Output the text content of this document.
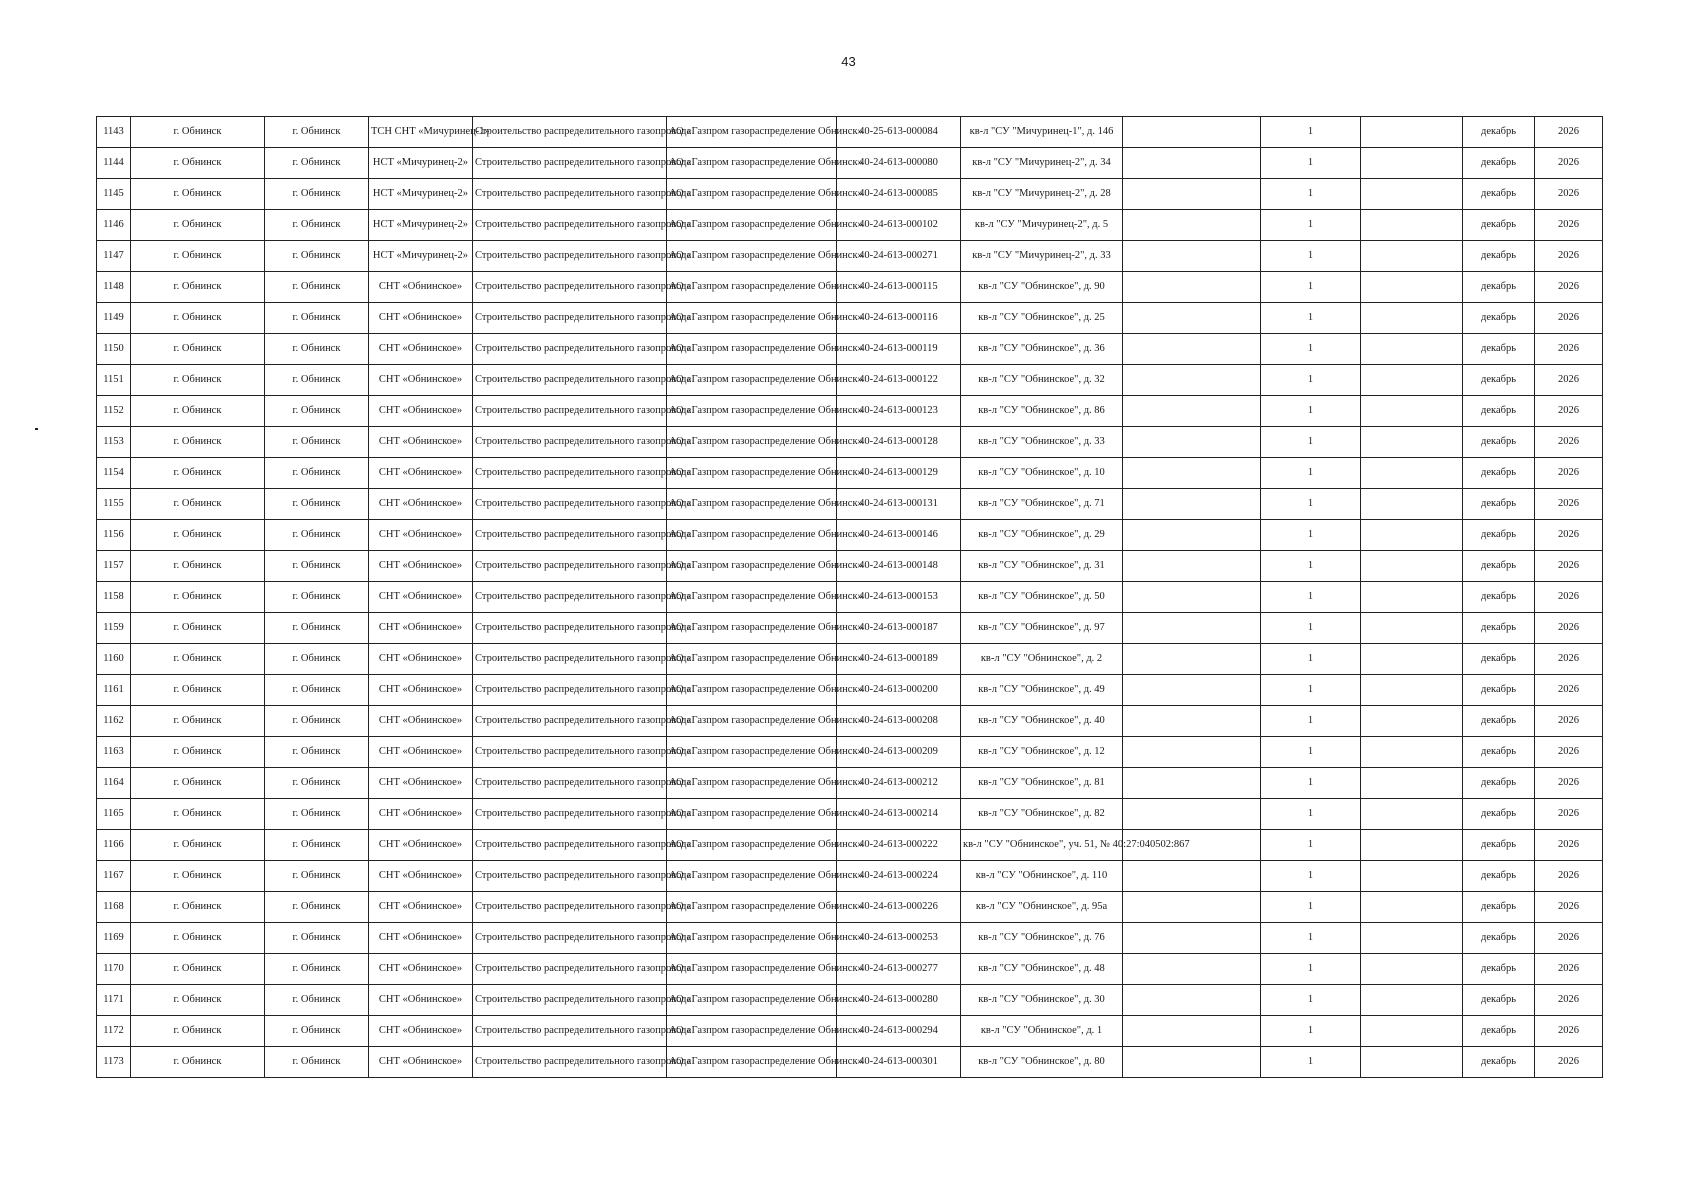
43
1143	г. Обнинск	г. Обнинск	ТСН СНТ «Мичуринец-1»	Строительство распределительного газопровода	АО «Газпром газораспределение Обнинск»	40-25-613-000084	кв-л "СУ "Мичуринец-1", д. 146		1		декабрь	2026
1144	г. Обнинск	г. Обнинск	НСТ «Мичуринец-2»	Строительство распределительного газопровода	АО «Газпром газораспределение Обнинск»	40-24-613-000080	кв-л "СУ "Мичуринец-2", д. 34		1		декабрь	2026
1145	г. Обнинск	г. Обнинск	НСТ «Мичуринец-2»	Строительство распределительного газопровода	АО «Газпром газораспределение Обнинск»	40-24-613-000085	кв-л "СУ "Мичуринец-2", д. 28		1		декабрь	2026
1146	г. Обнинск	г. Обнинск	НСТ «Мичуринец-2»	Строительство распределительного газопровода	АО «Газпром газораспределение Обнинск»	40-24-613-000102	кв-л "СУ "Мичуринец-2", д. 5		1		декабрь	2026
1147	г. Обнинск	г. Обнинск	НСТ «Мичуринец-2»	Строительство распределительного газопровода	АО «Газпром газораспределение Обнинск»	40-24-613-000271	кв-л "СУ "Мичуринец-2", д. 33		1		декабрь	2026
1148	г. Обнинск	г. Обнинск	СНТ «Обнинское»	Строительство распределительного газопровода	АО «Газпром газораспределение Обнинск»	40-24-613-000115	кв-л "СУ "Обнинское", д. 90		1		декабрь	2026
1149	г. Обнинск	г. Обнинск	СНТ «Обнинское»	Строительство распределительного газопровода	АО «Газпром газораспределение Обнинск»	40-24-613-000116	кв-л "СУ "Обнинское", д. 25		1		декабрь	2026
1150	г. Обнинск	г. Обнинск	СНТ «Обнинское»	Строительство распределительного газопровода	АО «Газпром газораспределение Обнинск»	40-24-613-000119	кв-л "СУ "Обнинское", д. 36		1		декабрь	2026
1151	г. Обнинск	г. Обнинск	СНТ «Обнинское»	Строительство распределительного газопровода	АО «Газпром газораспределение Обнинск»	40-24-613-000122	кв-л "СУ "Обнинское", д. 32		1		декабрь	2026
1152	г. Обнинск	г. Обнинск	СНТ «Обнинское»	Строительство распределительного газопровода	АО «Газпром газораспределение Обнинск»	40-24-613-000123	кв-л "СУ "Обнинское", д. 86		1		декабрь	2026
1153	г. Обнинск	г. Обнинск	СНТ «Обнинское»	Строительство распределительного газопровода	АО «Газпром газораспределение Обнинск»	40-24-613-000128	кв-л "СУ "Обнинское", д. 33		1		декабрь	2026
1154	г. Обнинск	г. Обнинск	СНТ «Обнинское»	Строительство распределительного газопровода	АО «Газпром газораспределение Обнинск»	40-24-613-000129	кв-л "СУ "Обнинское", д. 10		1		декабрь	2026
1155	г. Обнинск	г. Обнинск	СНТ «Обнинское»	Строительство распределительного газопровода	АО «Газпром газораспределение Обнинск»	40-24-613-000131	кв-л "СУ "Обнинское", д. 71		1		декабрь	2026
1156	г. Обнинск	г. Обнинск	СНТ «Обнинское»	Строительство распределительного газопровода	АО «Газпром газораспределение Обнинск»	40-24-613-000146	кв-л "СУ "Обнинское", д. 29		1		декабрь	2026
1157	г. Обнинск	г. Обнинск	СНТ «Обнинское»	Строительство распределительного газопровода	АО «Газпром газораспределение Обнинск»	40-24-613-000148	кв-л "СУ "Обнинское", д. 31		1		декабрь	2026
1158	г. Обнинск	г. Обнинск	СНТ «Обнинское»	Строительство распределительного газопровода	АО «Газпром газораспределение Обнинск»	40-24-613-000153	кв-л "СУ "Обнинское", д. 50		1		декабрь	2026
1159	г. Обнинск	г. Обнинск	СНТ «Обнинское»	Строительство распределительного газопровода	АО «Газпром газораспределение Обнинск»	40-24-613-000187	кв-л "СУ "Обнинское", д. 97		1		декабрь	2026
1160	г. Обнинск	г. Обнинск	СНТ «Обнинское»	Строительство распределительного газопровода	АО «Газпром газораспределение Обнинск»	40-24-613-000189	кв-л "СУ "Обнинское", д. 2		1		декабрь	2026
1161	г. Обнинск	г. Обнинск	СНТ «Обнинское»	Строительство распределительного газопровода	АО «Газпром газораспределение Обнинск»	40-24-613-000200	кв-л "СУ "Обнинское", д. 49		1		декабрь	2026
1162	г. Обнинск	г. Обнинск	СНТ «Обнинское»	Строительство распределительного газопровода	АО «Газпром газораспределение Обнинск»	40-24-613-000208	кв-л "СУ "Обнинское", д. 40		1		декабрь	2026
1163	г. Обнинск	г. Обнинск	СНТ «Обнинское»	Строительство распределительного газопровода	АО «Газпром газораспределение Обнинск»	40-24-613-000209	кв-л "СУ "Обнинское", д. 12		1		декабрь	2026
1164	г. Обнинск	г. Обнинск	СНТ «Обнинское»	Строительство распределительного газопровода	АО «Газпром газораспределение Обнинск»	40-24-613-000212	кв-л "СУ "Обнинское", д. 81		1		декабрь	2026
1165	г. Обнинск	г. Обнинск	СНТ «Обнинское»	Строительство распределительного газопровода	АО «Газпром газораспределение Обнинск»	40-24-613-000214	кв-л "СУ "Обнинское", д. 82		1		декабрь	2026
1166	г. Обнинск	г. Обнинск	СНТ «Обнинское»	Строительство распределительного газопровода	АО «Газпром газораспределение Обнинск»	40-24-613-000222	кв-л "СУ "Обнинское", уч. 51, № 40:27:040502:867		1		декабрь	2026
1167	г. Обнинск	г. Обнинск	СНТ «Обнинское»	Строительство распределительного газопровода	АО «Газпром газораспределение Обнинск»	40-24-613-000224	кв-л "СУ "Обнинское", д. 110		1		декабрь	2026
1168	г. Обнинск	г. Обнинск	СНТ «Обнинское»	Строительство распределительного газопровода	АО «Газпром газораспределение Обнинск»	40-24-613-000226	кв-л "СУ "Обнинское", д. 95а		1		декабрь	2026
1169	г. Обнинск	г. Обнинск	СНТ «Обнинское»	Строительство распределительного газопровода	АО «Газпром газораспределение Обнинск»	40-24-613-000253	кв-л "СУ "Обнинское", д. 76		1		декабрь	2026
1170	г. Обнинск	г. Обнинск	СНТ «Обнинское»	Строительство распределительного газопровода	АО «Газпром газораспределение Обнинск»	40-24-613-000277	кв-л "СУ "Обнинское", д. 48		1		декабрь	2026
1171	г. Обнинск	г. Обнинск	СНТ «Обнинское»	Строительство распределительного газопровода	АО «Газпром газораспределение Обнинск»	40-24-613-000280	кв-л "СУ "Обнинское", д. 30		1		декабрь	2026
1172	г. Обнинск	г. Обнинск	СНТ «Обнинское»	Строительство распределительного газопровода	АО «Газпром газораспределение Обнинск»	40-24-613-000294	кв-л "СУ "Обнинское", д. 1		1		декабрь	2026
1173	г. Обнинск	г. Обнинск	СНТ «Обнинское»	Строительство распределительного газопровода	АО «Газпром газораспределение Обнинск»	40-24-613-000301	кв-л "СУ "Обнинское", д. 80		1		декабрь	2026
